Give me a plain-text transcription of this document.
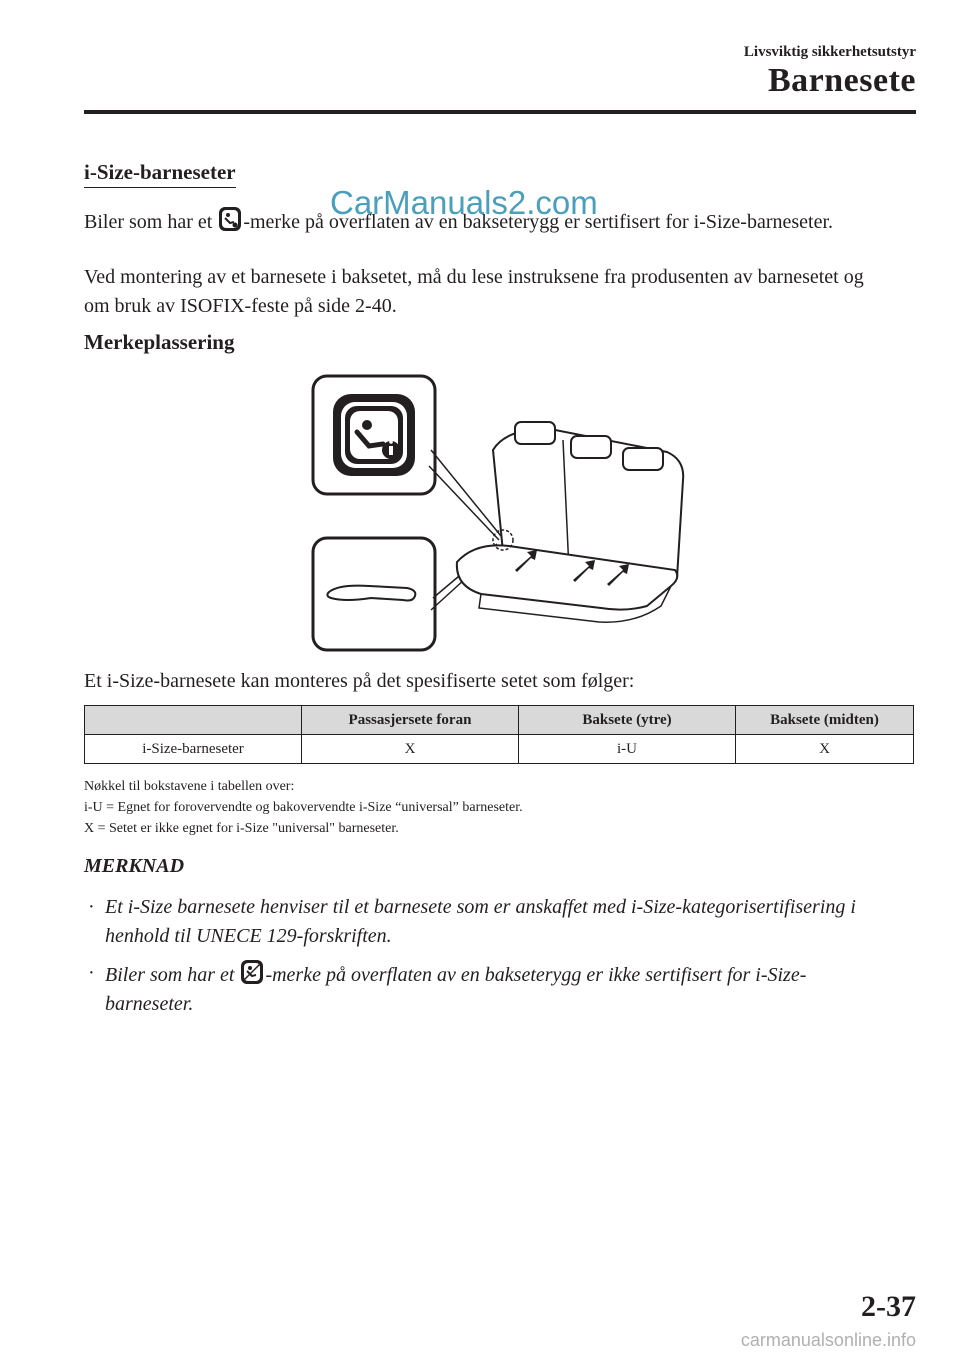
Livsviktig sikkerhetsutstyr
Barnesete
i-Size-barneseter
Biler som har et -merke på overflaten av en bakseterygg er sertifisert for i-Size-barneseter.
CarManuals2.com
Ved montering av et barnesete i baksetet, må du lese instruksene fra produsenten av barnesetet og om bruk av ISOFIX-feste på side 2-40.
Merkeplassering
Et i-Size-barnesete kan monteres på det spesifiserte setet som følger:
	Passasjersete foran	Baksete (ytre)	Baksete (midten)
i-Size-barneseter	X	i-U	X
Nøkkel til bokstavene i tabellen over:
i-U = Egnet for forovervendte og bakovervendte i-Size “universal” barneseter.
X = Setet er ikke egnet for i-Size "universal" barneseter.
MERKNAD
· Et i-Size barnesete henviser til et barnesete som er anskaffet med i-Size-kategorisertifisering i henhold til UNECE 129-forskriften.
· Biler som har et -merke på overflaten av en bakseterygg er ikke sertifisert for i-Size-barneseter.
2-37
carmanualsonline.info
